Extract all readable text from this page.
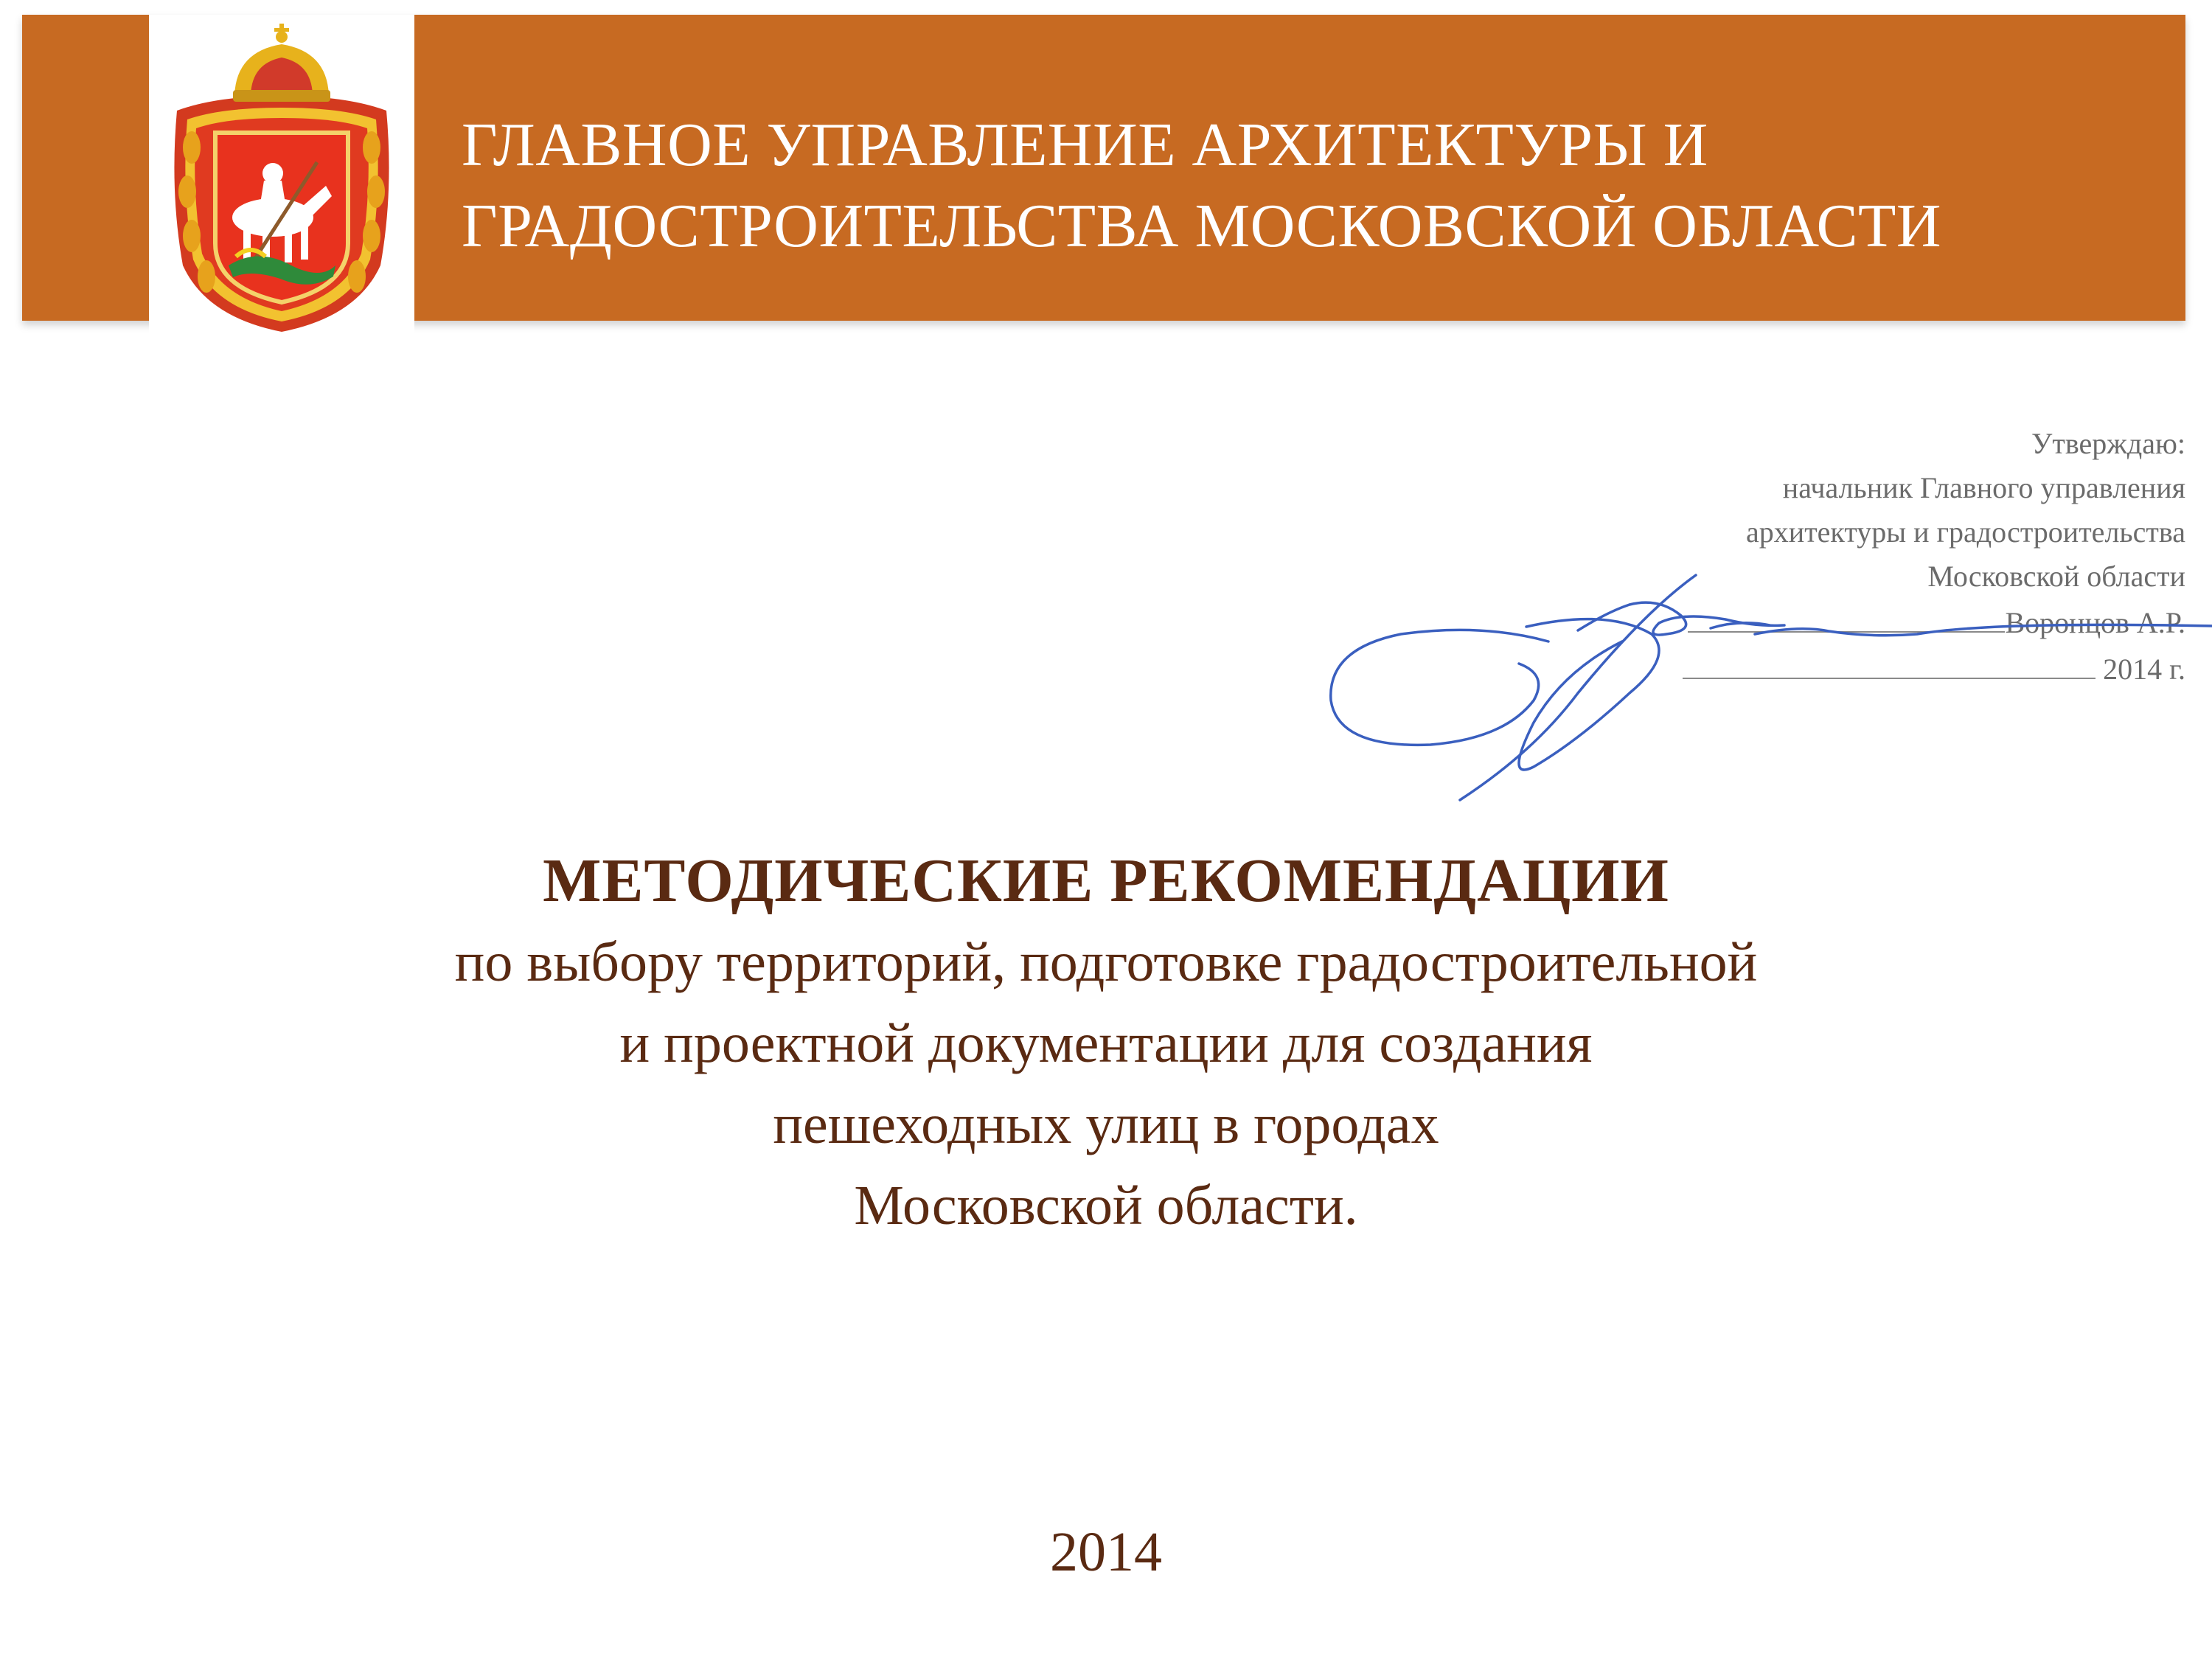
ГЛАВНОЕ УПРАВЛЕНИЕ АРХИТЕКТУРЫ И
ГРАДОСТРОИТЕЛЬСТВА МОСКОВСКОЙ ОБЛАСТИ
Утверждаю:
начальник Главного управления
архитектуры и градостроительства
Московской области
Воронцов А.Р.
2014 г.
МЕТОДИЧЕСКИЕ РЕКОМЕНДАЦИИ
по выбору территорий, подготовке градостроительной
и проектной документации для создания
пешеходных улиц в городах
Московской области.
2014
